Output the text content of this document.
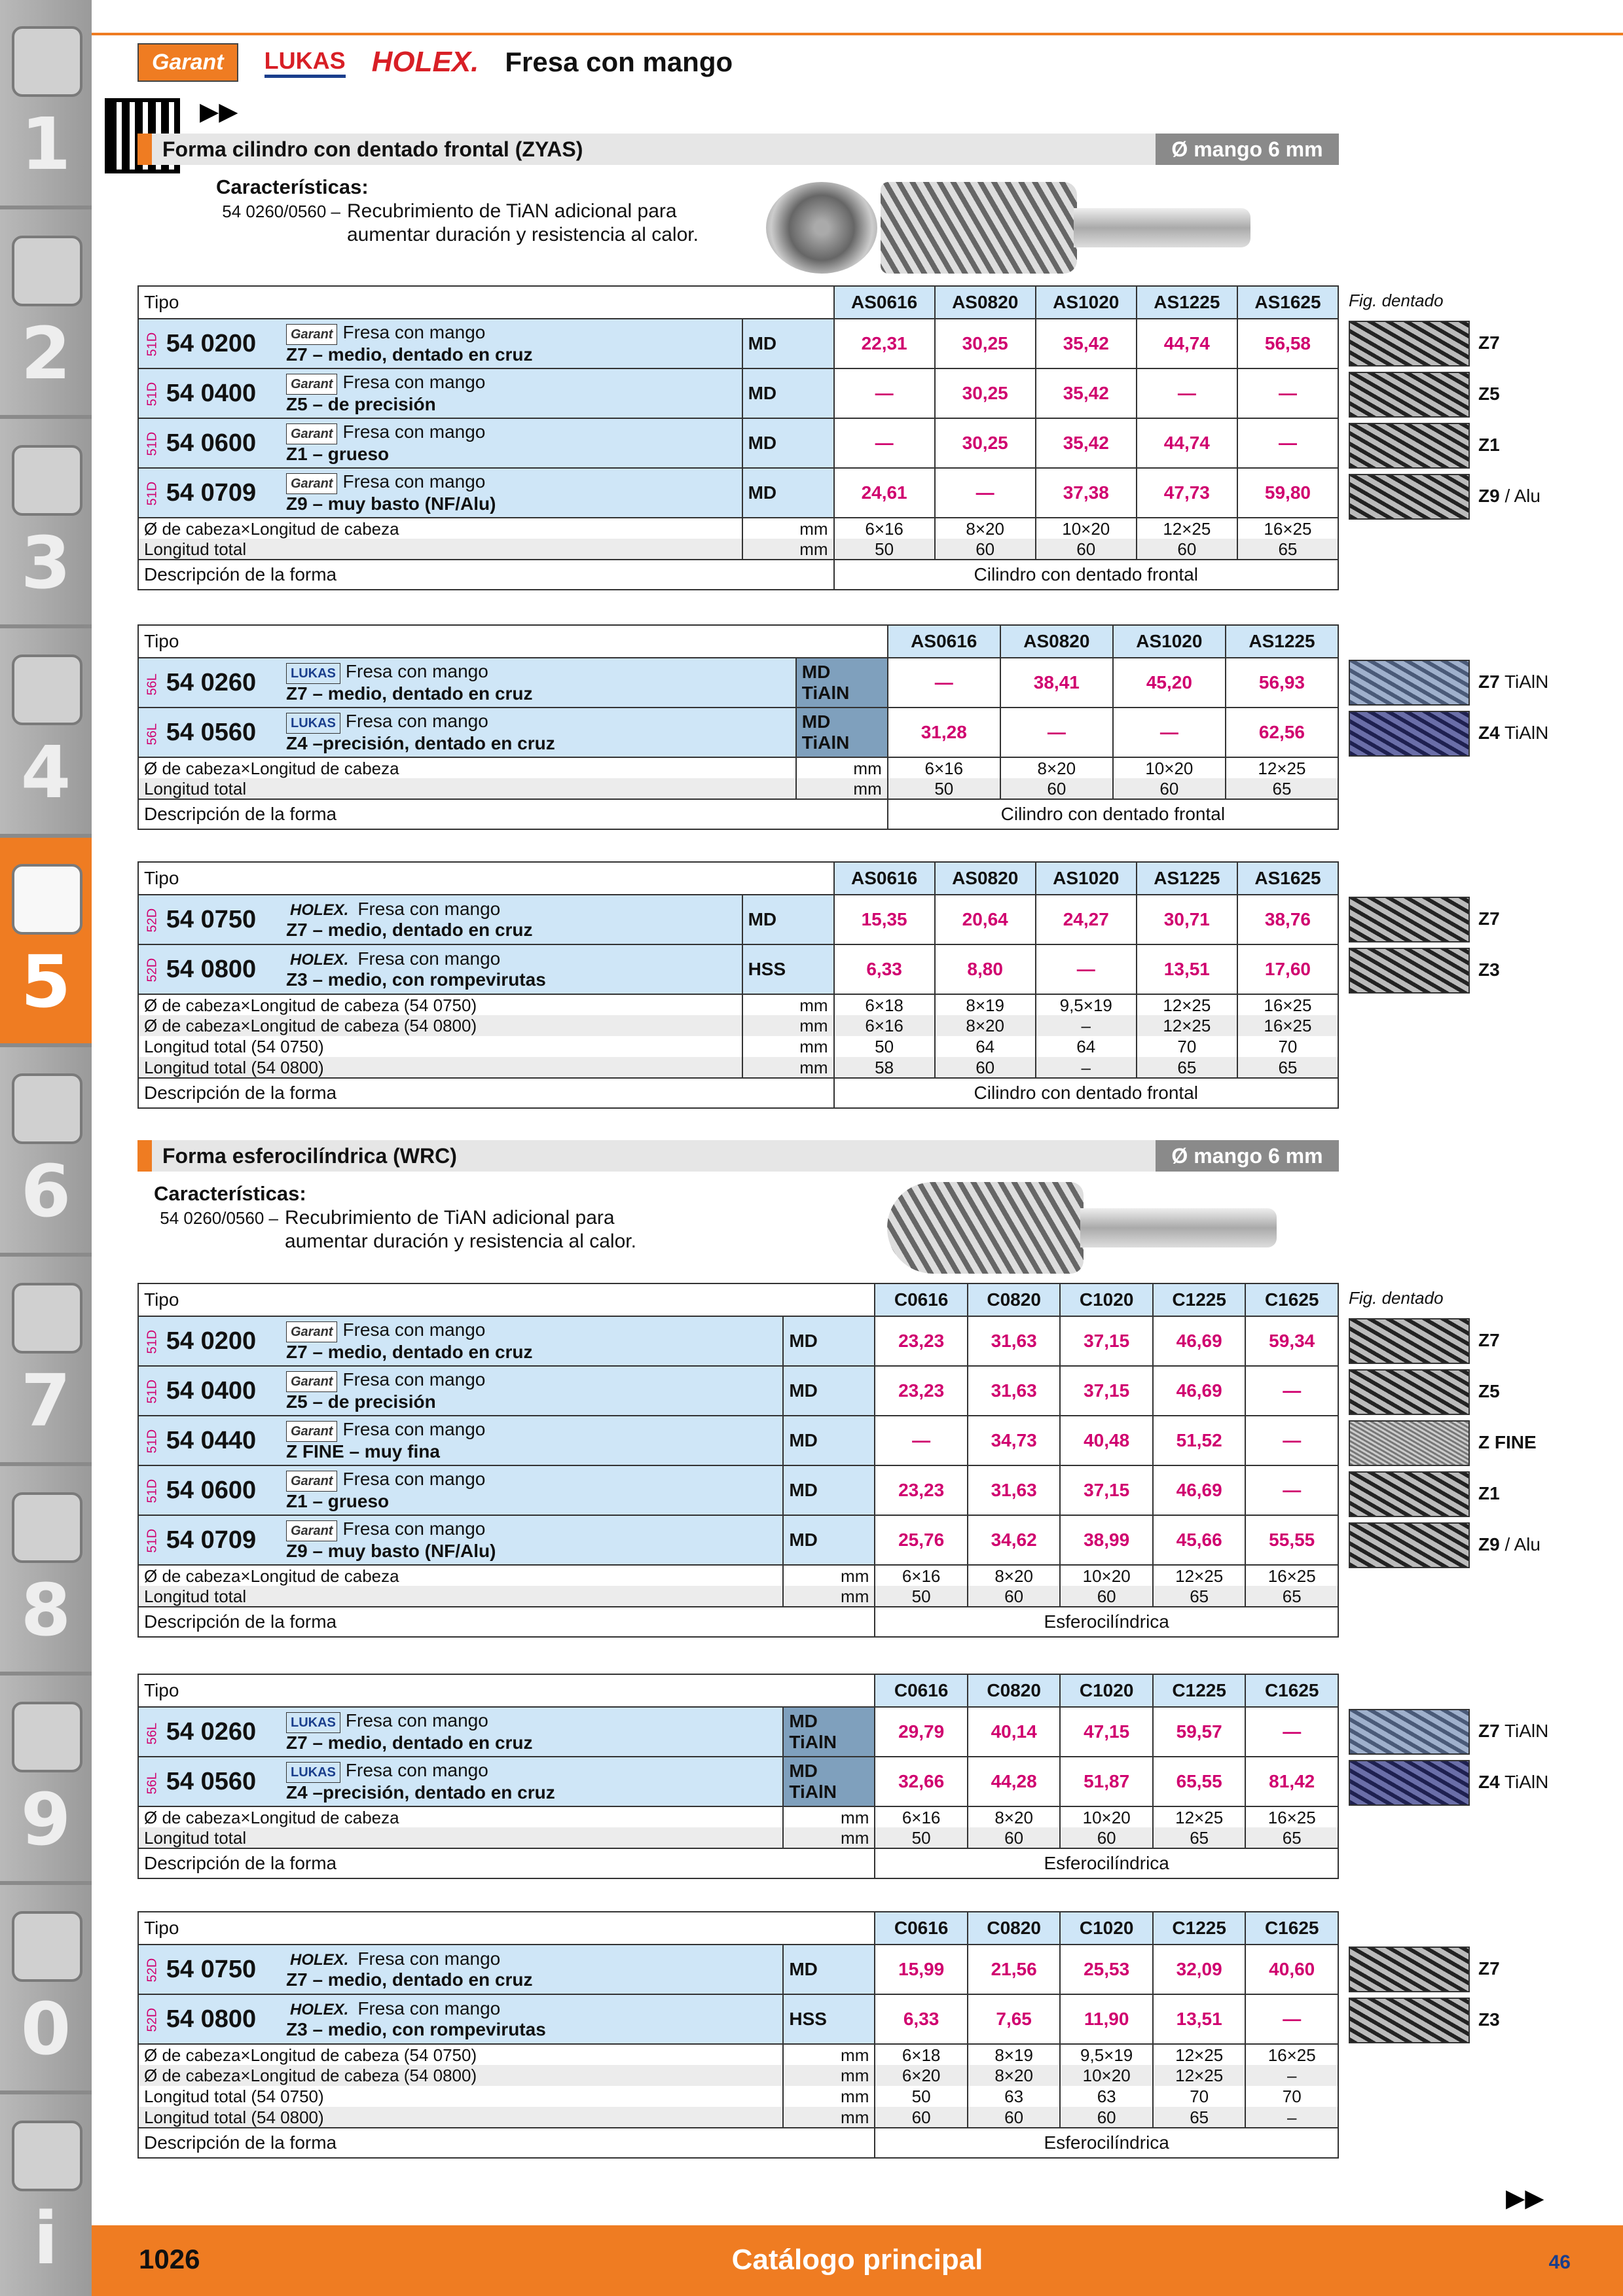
1
2
3
4
5
6
7
8
9
0
i
Garant	LUKAS HOLEX. Fresa con mango
▶▶
Forma cilindro con dentado frontal (ZYAS)	Ø mango 6 mm
Características:
54 0260/0560 – Recubrimiento de TiAN adicional para
aumentar duración y resistencia al calor.
Fig. dentado
Tipo			AS0616	AS0820	AS1020	AS1225	AS1625
51D 54 0200	Garant Fresa con mango
Z7 – medio, dentado en cruz	MD	22,31	30,25	35,42	44,74	56,58
51D 54 0400	Garant Fresa con mango
Z5 – de precisión	MD	—	30,25	35,42	—	—
51D 54 0600	Garant Fresa con mango
Z1 – grueso	MD	—	30,25	35,42	44,74	—
51D 54 0709	Garant Fresa con mango
Z9 – muy basto (NF/Alu)	MD	24,61	—	37,38	47,73	59,80
Ø de cabeza×Longitud de cabeza		mm	6×16	8×20	10×20	12×25	16×25
Longitud total		mm	50	60	60	60	65
Descripción de la forma			Cilindro con dentado frontal				
Z7
Z5
Z1
Z9 / Alu
Tipo			AS0616	AS0820	AS1020	AS1225
56L 54 0260	LUKAS Fresa con mango
Z7 – medio, dentado en cruz	MD TiAlN	—	38,41	45,20	56,93
56L 54 0560	LUKAS Fresa con mango
Z4 –precisión, dentado en cruz	MD TiAlN	31,28	—	—	62,56
Ø de cabeza×Longitud de cabeza		mm	6×16	8×20	10×20	12×25
Longitud total		mm	50	60	60	65
Descripción de la forma			Cilindro con dentado frontal			
Z7 TiAlN
Z4 TiAlN
Tipo			AS0616	AS0820	AS1020	AS1225	AS1625
52D 54 0750	HOLEX. Fresa con mango
Z7 – medio, dentado en cruz	MD	15,35	20,64	24,27	30,71	38,76
52D 54 0800	HOLEX. Fresa con mango
Z3 – medio, con rompevirutas	HSS	6,33	8,80	—	13,51	17,60
Ø de cabeza×Longitud de cabeza (54 0750)		mm	6×18	8×19	9,5×19	12×25	16×25
Ø de cabeza×Longitud de cabeza (54 0800)		mm	6×16	8×20	–	12×25	16×25
Longitud total (54 0750)		mm	50	64	64	70	70
Longitud total (54 0800)		mm	58	60	–	65	65
Descripción de la forma			Cilindro con dentado frontal				
Z7
Z3
Forma esferocilíndrica (WRC)	Ø mango 6 mm
Características:
54 0260/0560 – Recubrimiento de TiAN adicional para
aumentar duración y resistencia al calor.
Fig. dentado
Tipo			C0616	C0820	C1020	C1225	C1625
51D 54 0200	Garant Fresa con mango
Z7 – medio, dentado en cruz	MD	23,23	31,63	37,15	46,69	59,34
51D 54 0400	Garant Fresa con mango
Z5 – de precisión	MD	23,23	31,63	37,15	46,69	—
51D 54 0440	Garant Fresa con mango
Z FINE – muy fina	MD	—	34,73	40,48	51,52	—
51D 54 0600	Garant Fresa con mango
Z1 – grueso	MD	23,23	31,63	37,15	46,69	—
51D 54 0709	Garant Fresa con mango
Z9 – muy basto (NF/Alu)	MD	25,76	34,62	38,99	45,66	55,55
Ø de cabeza×Longitud de cabeza		mm	6×16	8×20	10×20	12×25	16×25
Longitud total		mm	50	60	60	65	65
Descripción de la forma			Esferocilíndrica				
Z7
Z5
Z FINE
Z1
Z9 / Alu
Tipo			C0616	C0820	C1020	C1225	C1625
56L 54 0260	LUKAS Fresa con mango
Z7 – medio, dentado en cruz	MD TiAlN	29,79	40,14	47,15	59,57	—
56L 54 0560	LUKAS Fresa con mango
Z4 –precisión, dentado en cruz	MD TiAlN	32,66	44,28	51,87	65,55	81,42
Ø de cabeza×Longitud de cabeza		mm	6×16	8×20	10×20	12×25	16×25
Longitud total		mm	50	60	60	65	65
Descripción de la forma			Esferocilíndrica				
Z7 TiAlN
Z4 TiAlN
Tipo			C0616	C0820	C1020	C1225	C1625
52D 54 0750	HOLEX. Fresa con mango
Z7 – medio, dentado en cruz	MD	15,99	21,56	25,53	32,09	40,60
52D 54 0800	HOLEX. Fresa con mango
Z3 – medio, con rompevirutas	HSS	6,33	7,65	11,90	13,51	—
Ø de cabeza×Longitud de cabeza (54 0750)		mm	6×18	8×19	9,5×19	12×25	16×25
Ø de cabeza×Longitud de cabeza (54 0800)		mm	6×20	8×20	10×20	12×25	–
Longitud total (54 0750)		mm	50	63	63	70	70
Longitud total (54 0800)		mm	60	60	60	65	–
Descripción de la forma			Esferocilíndrica				
Z7
Z3
▶▶
1026	Catálogo principal	46
